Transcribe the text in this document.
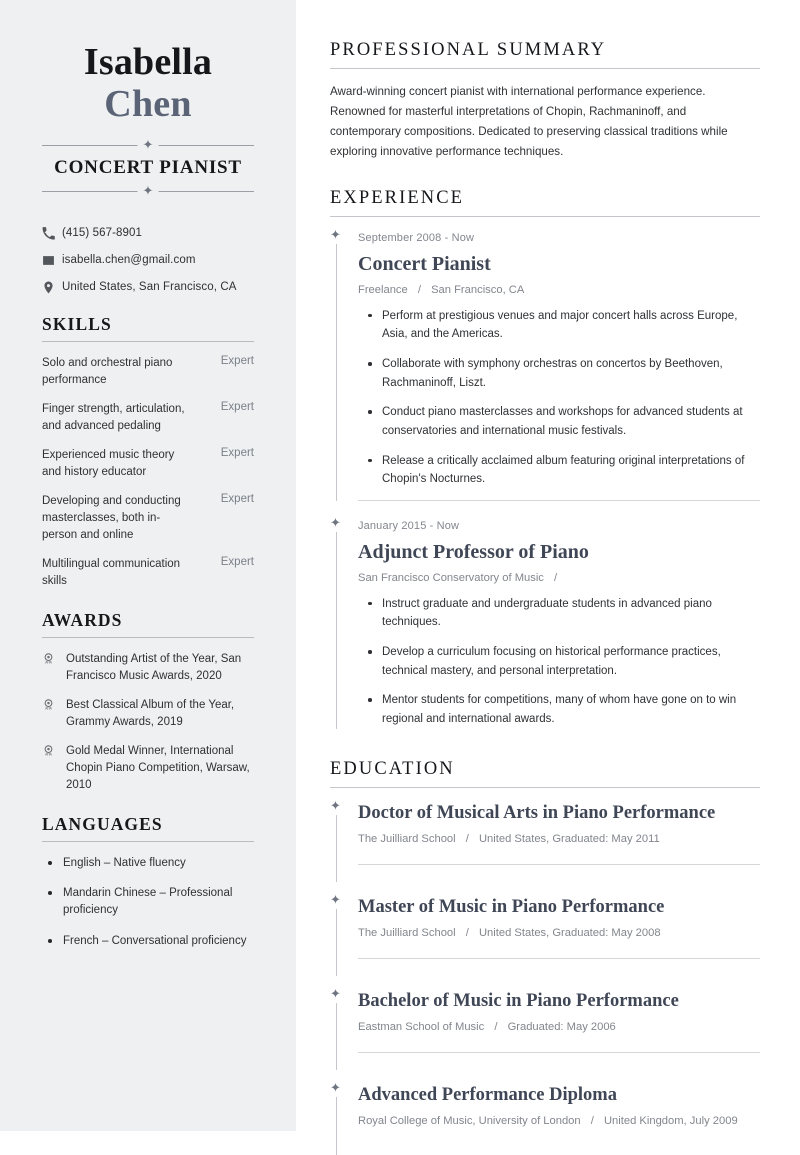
Isabella
Chen
✦
CONCERT PIANIST
✦
(415) 567-8901
isabella.chen@gmail.com
United States, San Francisco, CA
SKILLS
Solo and orchestral piano performance
Expert
Finger strength, articulation, and advanced pedaling
Expert
Experienced music theory and history educator
Expert
Developing and conducting masterclasses, both in-person and online
Expert
Multilingual communication skills
Expert
AWARDS
Outstanding Artist of the Year, San Francisco Music Awards, 2020
Best Classical Album of the Year, Grammy Awards, 2019
Gold Medal Winner, International Chopin Piano Competition, Warsaw, 2010
LANGUAGES
English – Native fluency
Mandarin Chinese – Professional proficiency
French – Conversational proficiency
PROFESSIONAL SUMMARY

Award-winning concert pianist with international performance experience. Renowned for masterful interpretations of Chopin, Rachmaninoff, and contemporary compositions. Dedicated to preserving classical traditions while exploring innovative performance techniques.

EXPERIENCE
✦ September 2008 - Now
Concert Pianist
Freelance / San Francisco, CA
Perform at prestigious venues and major concert halls across Europe, Asia, and the Americas.
Collaborate with symphony orchestras on concertos by Beethoven, Rachmaninoff, Liszt.
Conduct piano masterclasses and workshops for advanced students at conservatories and international music festivals.
Release a critically acclaimed album featuring original interpretations of Chopin's Nocturnes.
✦ January 2015 - Now
Adjunct Professor of Piano
San Francisco Conservatory of Music /
Instruct graduate and undergraduate students in advanced piano techniques.
Develop a curriculum focusing on historical performance practices, technical mastery, and personal interpretation.
Mentor students for competitions, many of whom have gone on to win regional and international awards.
EDUCATION
✦ Doctor of Musical Arts in Piano Performance
The Juilliard School / United States, Graduated: May 2011
✦ Master of Music in Piano Performance
The Juilliard School / United States, Graduated: May 2008
✦ Bachelor of Music in Piano Performance
Eastman School of Music / Graduated: May 2006
✦ Advanced Performance Diploma
Royal College of Music, University of London / United Kingdom, July 2009
